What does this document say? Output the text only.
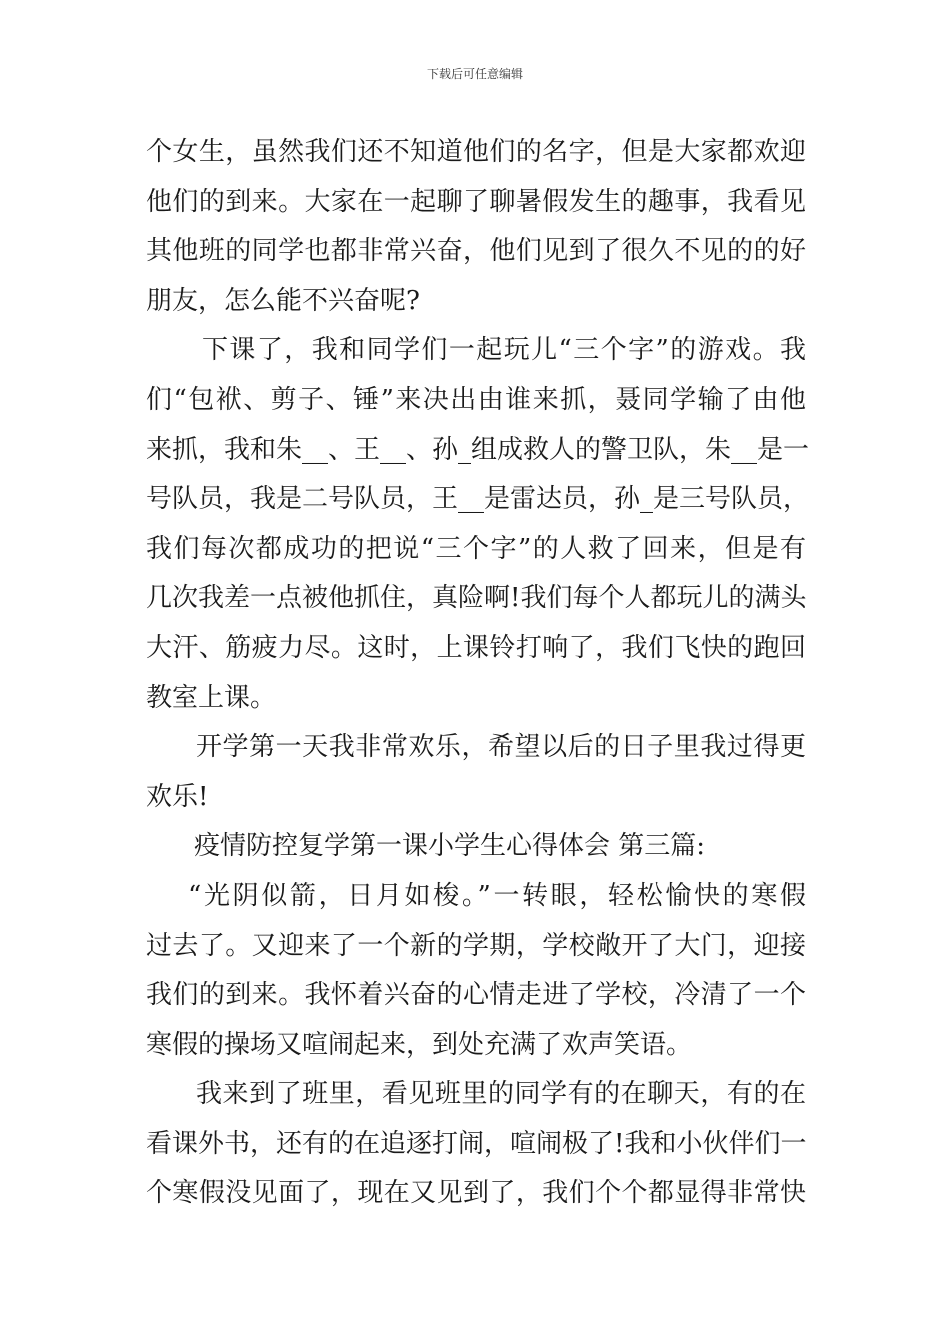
下载后可任意编辑
个女生，虽然我们还不知道他们的名字，但是大家都欢迎
他们的到来。大家在一起聊了聊暑假发生的趣事，我看见
其他班的同学也都非常兴奋，他们见到了很久不见的的好
朋友，怎么能不兴奋呢?
下课了，我和同学们一起玩儿“三个字”的游戏。我
们“包袱、剪子、锤”来决出由谁来抓，聂同学输了由他
来抓，我和朱__、王__、孙_组成救人的警卫队，朱__是一
号队员，我是二号队员，王__是雷达员，孙_是三号队员，
我们每次都成功的把说“三个字”的人救了回来，但是有
几次我差一点被他抓住，真险啊!我们每个人都玩儿的满头
大汗、筋疲力尽。这时，上课铃打响了，我们飞快的跑回
教室上课。
开学第一天我非常欢乐，希望以后的日子里我过得更
欢乐!
疫情防控复学第一课小学生心得体会 第三篇:
“光阴似箭，日月如梭。”一转眼，轻松愉快的寒假
过去了。又迎来了一个新的学期，学校敞开了大门，迎接
我们的到来。我怀着兴奋的心情走进了学校，冷清了一个
寒假的操场又喧闹起来，到处充满了欢声笑语。
我来到了班里，看见班里的同学有的在聊天，有的在
看课外书，还有的在追逐打闹，喧闹极了!我和小伙伴们一
个寒假没见面了，现在又见到了，我们个个都显得非常快
